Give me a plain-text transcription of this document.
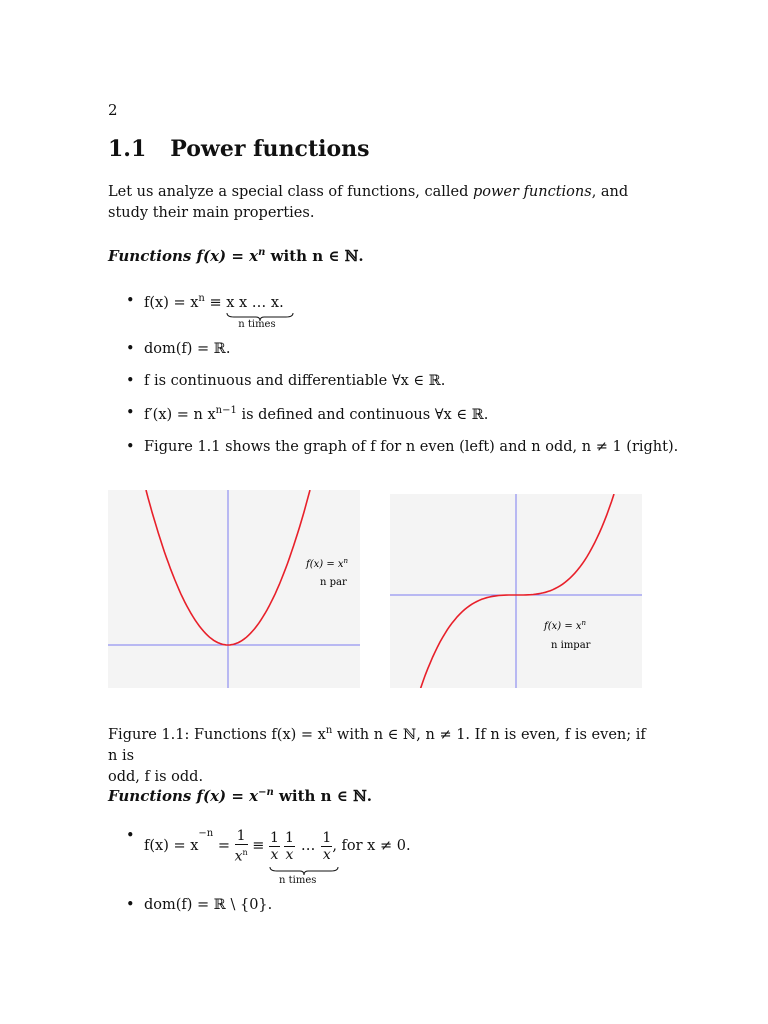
2
1.1 Power functions

Let us analyze a special class of functions, called power functions, and study their main properties.

Functions $f(x) = x^n$ with n ∈ ℕ.
• $f(x) = x^n \equiv x$ x … x
n times
.
• dom(f) = ℝ.
• f is continuous and differentiable ∀x ∈ ℝ.
• f′(x) = n $x^{n-1}$ is defined and continuous ∀x ∈ ℝ.
• Figure 1.1 shows the graph of f for n even (left) and n odd, n ≠ 1 (right).
$f(x) = x^n$
n par
$f(x) = x^n$
n impar

Figure 1.1: Functions $f(x) = x^n$ with n ∈ ℕ, n ≠ 1. If n is even, f is even; if n is
odd, f is odd.

Functions $f(x) = x^{-n}$ with n ∈ ℕ.
• f(x) = x
$^{-n}$
= $\frac{1}{x^n} \equiv \frac{1}{x} \frac{1}{x}$ … $\frac{1}{x}$
n times
, for x ≠ 0.
• dom(f) = ℝ \ {0}.
